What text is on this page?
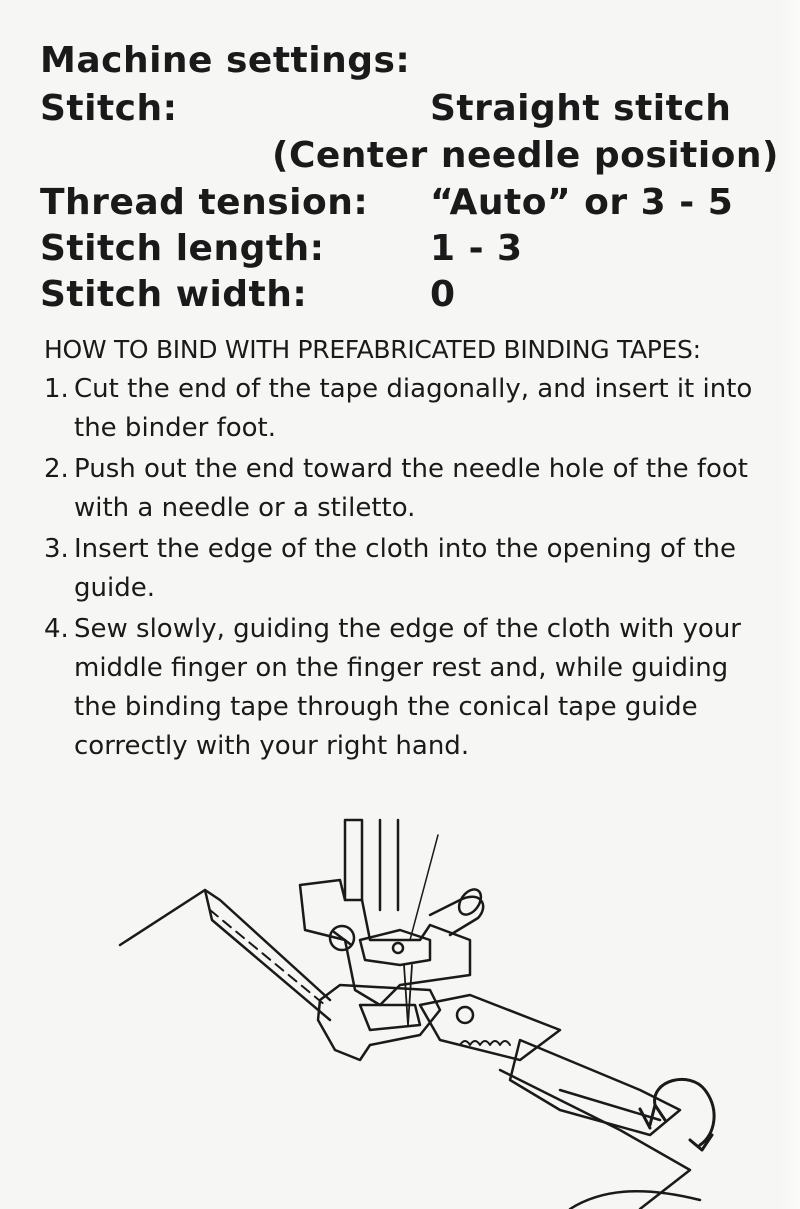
Machine settings:
Stitch:	Straight stitch
(Center needle position)
Thread tension: “Auto” or 3 - 5
Stitch length:	1 - 3
Stitch width:	0
HOW TO BIND WITH PREFABRICATED BINDING TAPES:
1. Cut the end of the tape diagonally, and insert it into the binder foot.
2. Push out the end toward the needle hole of the foot with a needle or a stiletto.
3. Insert the edge of the cloth into the opening of the guide.
4. Sew slowly, guiding the edge of the cloth with your middle finger on the finger rest and, while guiding the binding tape through the conical tape guide correctly with your right hand.
